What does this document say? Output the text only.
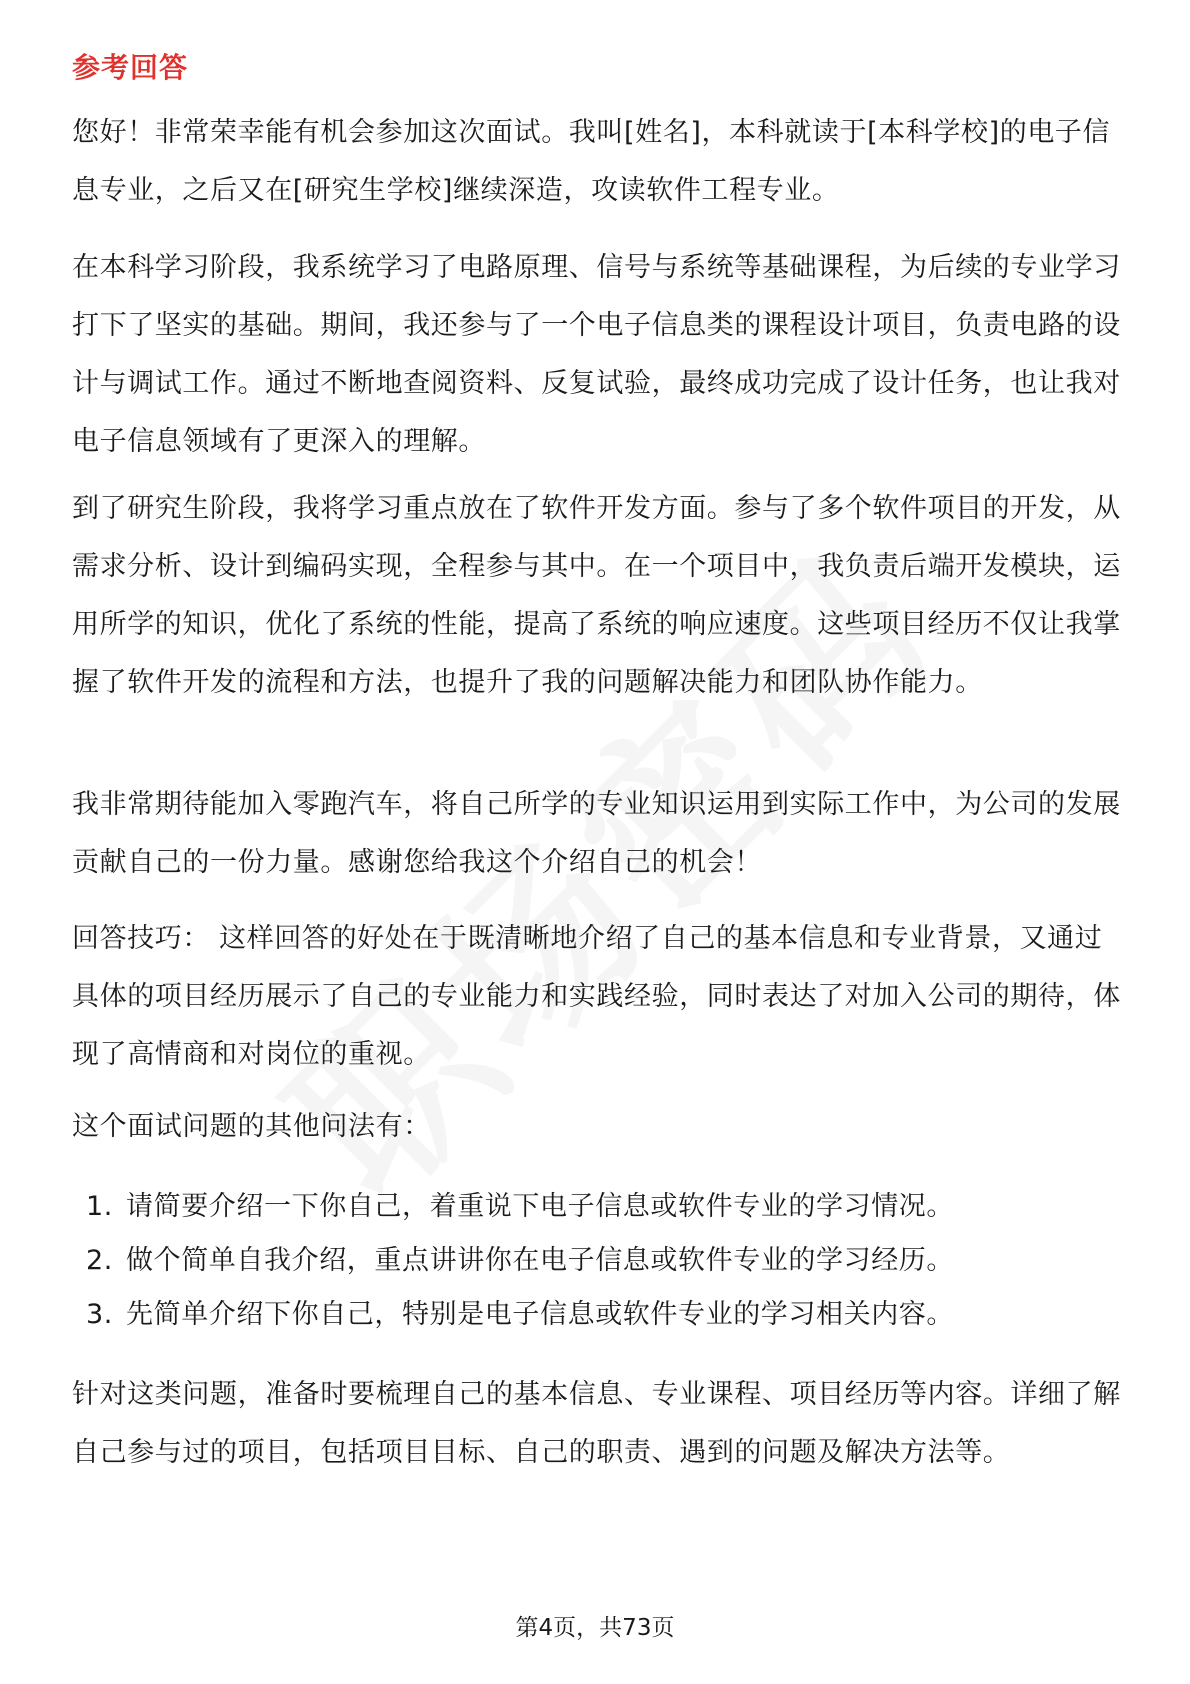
参考回答

您好！非常荣幸能有机会参加这次面试。我叫[姓名]，本科就读于[本科学校]的电子信息专业，之后又在[研究生学校]继续深造，攻读软件工程专业。

在本科学习阶段，我系统学习了电路原理、信号与系统等基础课程，为后续的专业学习打下了坚实的基础。期间，我还参与了一个电子信息类的课程设计项目，负责电路的设计与调试工作。通过不断地查阅资料、反复试验，最终成功完成了设计任务，也让我对电子信息领域有了更深入的理解。

到了研究生阶段，我将学习重点放在了软件开发方面。参与了多个软件项目的开发，从需求分析、设计到编码实现，全程参与其中。在一个项目中，我负责后端开发模块，运用所学的知识，优化了系统的性能，提高了系统的响应速度。这些项目经历不仅让我掌握了软件开发的流程和方法，也提升了我的问题解决能力和团队协作能力。

我非常期待能加入零跑汽车，将自己所学的专业知识运用到实际工作中，为公司的发展贡献自己的一份力量。感谢您给我这个介绍自己的机会！

回答技巧： 这样回答的好处在于既清晰地介绍了自己的基本信息和专业背景，又通过具体的项目经历展示了自己的专业能力和实践经验，同时表达了对加入公司的期待，体现了高情商和对岗位的重视。

这个面试问题的其他问法有：

1. 请简要介绍一下你自己，着重说下电子信息或软件专业的学习情况。
2. 做个简单自我介绍，重点讲讲你在电子信息或软件专业的学习经历。
3. 先简单介绍下你自己，特别是电子信息或软件专业的学习相关内容。

针对这类问题，准备时要梳理自己的基本信息、专业课程、项目经历等内容。详细了解自己参与过的项目，包括项目目标、自己的职责、遇到的问题及解决方法等。

第4页，共73页
